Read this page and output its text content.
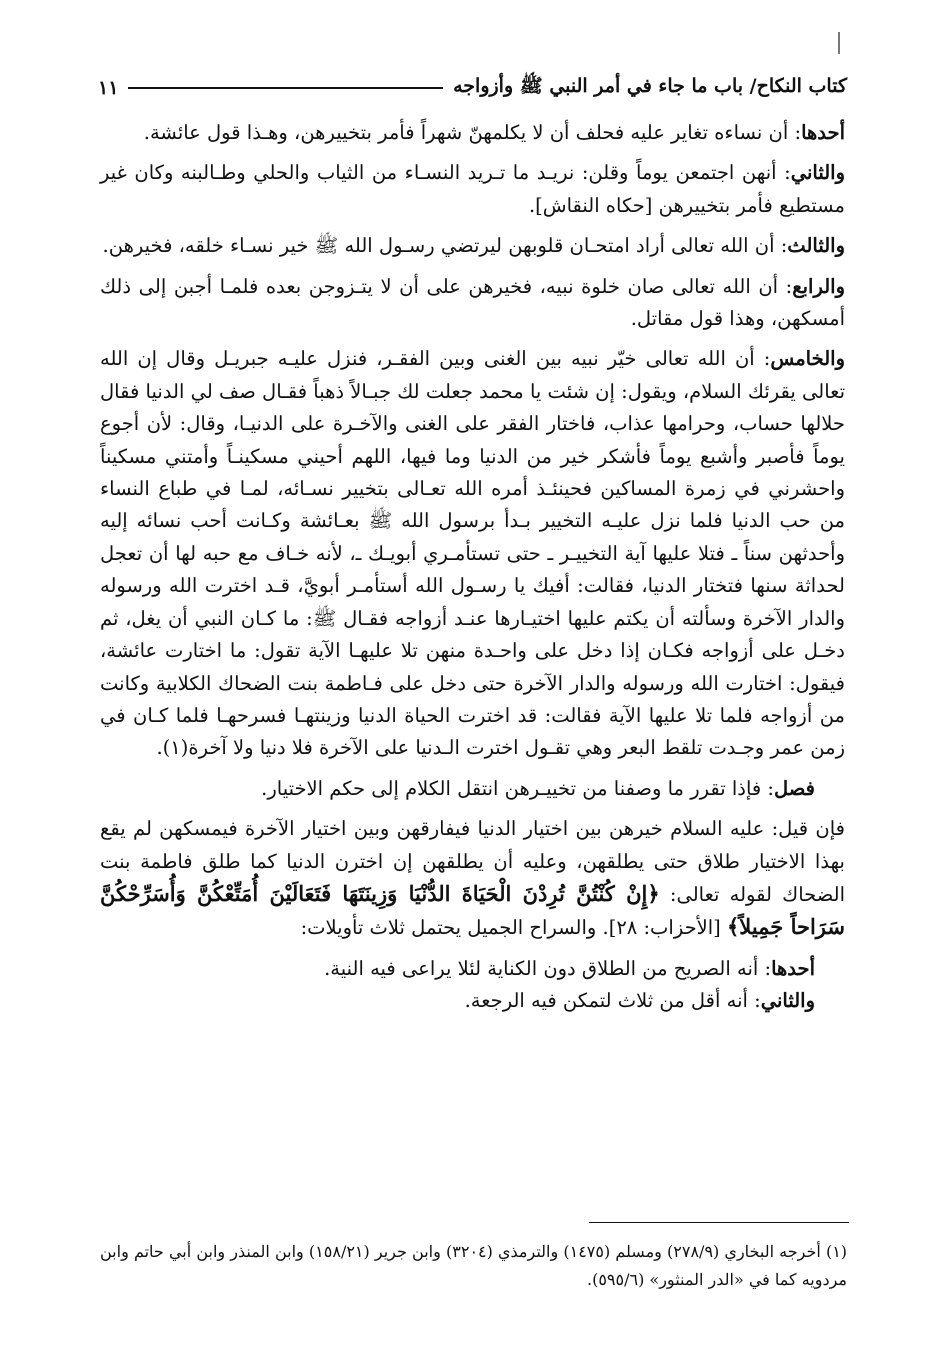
كتاب النكاح/ باب ما جاء في أمر النبي ﷺ وأزواجه
١١

أحدها: أن نساءه تغاير عليه فحلف أن لا يكلمهنّ شهراً فأمر بتخييرهن، وهـذا قول عائشة.

والثاني: أنهن اجتمعن يوماً وقلن: نريـد ما تـريد النسـاء من الثياب والحلي وطـالبنه وكان غير مستطيع فأمر بتخييرهن [حكاه النقاش].

والثالث: أن الله تعالى أراد امتحـان قلوبهن ليرتضي رسـول الله ﷺ خير نسـاء خلقه، فخيرهن.

والرابع: أن الله تعالى صان خلوة نبيه، فخيرهن على أن لا يتـزوجن بعده فلمـا أجبن إلى ذلك أمسكهن، وهذا قول مقاتل.

والخامس: أن الله تعالى خيّر نبيه بين الغنى وبين الفقـر، فنزل عليـه جبريـل وقال إن الله تعالى يقرئك السلام، ويقول: إن شئت يا محمد جعلت لك جبـالاً ذهباً فقـال صف لي الدنيا فقال حلالها حساب، وحرامها عذاب، فاختار الفقر على الغنى والآخـرة على الدنيـا، وقال: لأن أجوع يوماً فأصبر وأشبع يوماً فأشكر خير من الدنيا وما فيها، اللهم أحيني مسكينـاً وأمتني مسكيناً واحشرني في زمرة المساكين فحينئـذ أمره الله تعـالى بتخيير نسـائه، لمـا في طباع النساء من حب الدنيا فلما نزل عليـه التخيير بـدأ برسول الله ﷺ بعـائشة وكـانت أحب نسائه إليه وأحدثهن سناً ـ فتلا عليها آية التخييـر ـ حتى تستأمـري أبويـك ـ، لأنه خـاف مع حبه لها أن تعجل لحداثة سنها فتختار الدنيا، فقالت: أفيك يا رسـول الله أستأمـر أبويَّ، قـد اخترت الله ورسوله والدار الآخرة وسألته أن يكتم عليها اختيـارها عنـد أزواجه فقـال ﷺ: ما كـان النبي أن يغل، ثم دخـل على أزواجه فكـان إذا دخل على واحـدة منهن تلا عليهـا الآية تقول: ما اختارت عائشة، فيقول: اختارت الله ورسوله والدار الآخرة حتى دخل على فـاطمة بنت الضحاك الكلابية وكانت من أزواجه فلما تلا عليها الآية فقالت: قد اخترت الحياة الدنيا وزينتهـا فسرحهـا فلما كـان في زمن عمر وجـدت تلقط البعر وهي تقـول اخترت الـدنيا على الآخرة فلا دنيا ولا آخرة(١).

فصل: فإذا تقرر ما وصفنا من تخييـرهن انتقل الكلام إلى حكم الاختيار.

فإن قيل: عليه السلام خيرهن بين اختيار الدنيا فيفارقهن وبين اختيار الآخرة فيمسكهن لم يقع بهذا الاختيار طلاق حتى يطلقهن، وعليه أن يطلقهن إن اخترن الدنيا كما طلق فاطمة بنت الضحاك لقوله تعالى: ﴿إِنْ كُنْتُنَّ تُرِدْنَ الْحَيَاةَ الدُّنْيَا وَزِينَتَهَا فَتَعَالَيْنَ أُمَتِّعْكُنَّ وَأُسَرِّحْكُنَّ سَرَاحاً جَمِيلاً﴾ [الأحزاب: ٢٨]. والسراح الجميل يحتمل ثلاث تأويلات:

أحدها: أنه الصريح من الطلاق دون الكناية لئلا يراعى فيه النية.

والثاني: أنه أقل من ثلاث لتمكن فيه الرجعة.

(١) أخرجه البخاري (٢٧٨/٩) ومسلم (١٤٧٥) والترمذي (٣٢٠٤) وابن جرير (١٥٨/٢١) وابن المنذر وابن أبي حاتم وابن مردويه كما في «الدر المنثور» (٥٩٥/٦).
